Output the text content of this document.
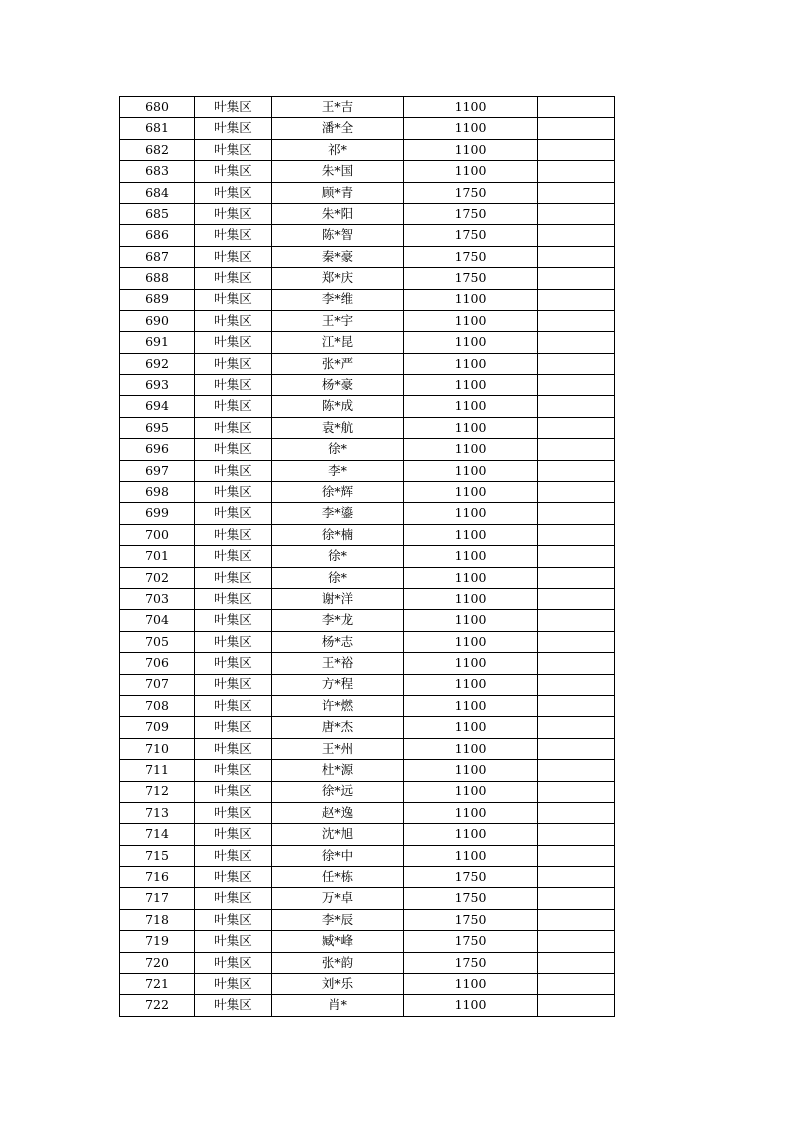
680	叶集区	王*吉	1100	
681	叶集区	潘*全	1100	
682	叶集区	祁*	1100	
683	叶集区	朱*国	1100	
684	叶集区	顾*青	1750	
685	叶集区	朱*阳	1750	
686	叶集区	陈*智	1750	
687	叶集区	秦*豪	1750	
688	叶集区	郑*庆	1750	
689	叶集区	李*维	1100	
690	叶集区	王*宇	1100	
691	叶集区	江*昆	1100	
692	叶集区	张*严	1100	
693	叶集区	杨*豪	1100	
694	叶集区	陈*成	1100	
695	叶集区	袁*航	1100	
696	叶集区	徐*	1100	
697	叶集区	李*	1100	
698	叶集区	徐*辉	1100	
699	叶集区	李*鎏	1100	
700	叶集区	徐*楠	1100	
701	叶集区	徐*	1100	
702	叶集区	徐*	1100	
703	叶集区	谢*洋	1100	
704	叶集区	李*龙	1100	
705	叶集区	杨*志	1100	
706	叶集区	王*裕	1100	
707	叶集区	方*程	1100	
708	叶集区	许*燃	1100	
709	叶集区	唐*杰	1100	
710	叶集区	王*州	1100	
711	叶集区	杜*源	1100	
712	叶集区	徐*远	1100	
713	叶集区	赵*逸	1100	
714	叶集区	沈*旭	1100	
715	叶集区	徐*中	1100	
716	叶集区	任*栋	1750	
717	叶集区	万*卓	1750	
718	叶集区	李*辰	1750	
719	叶集区	臧*峰	1750	
720	叶集区	张*韵	1750	
721	叶集区	刘*乐	1100	
722	叶集区	肖*	1100	
